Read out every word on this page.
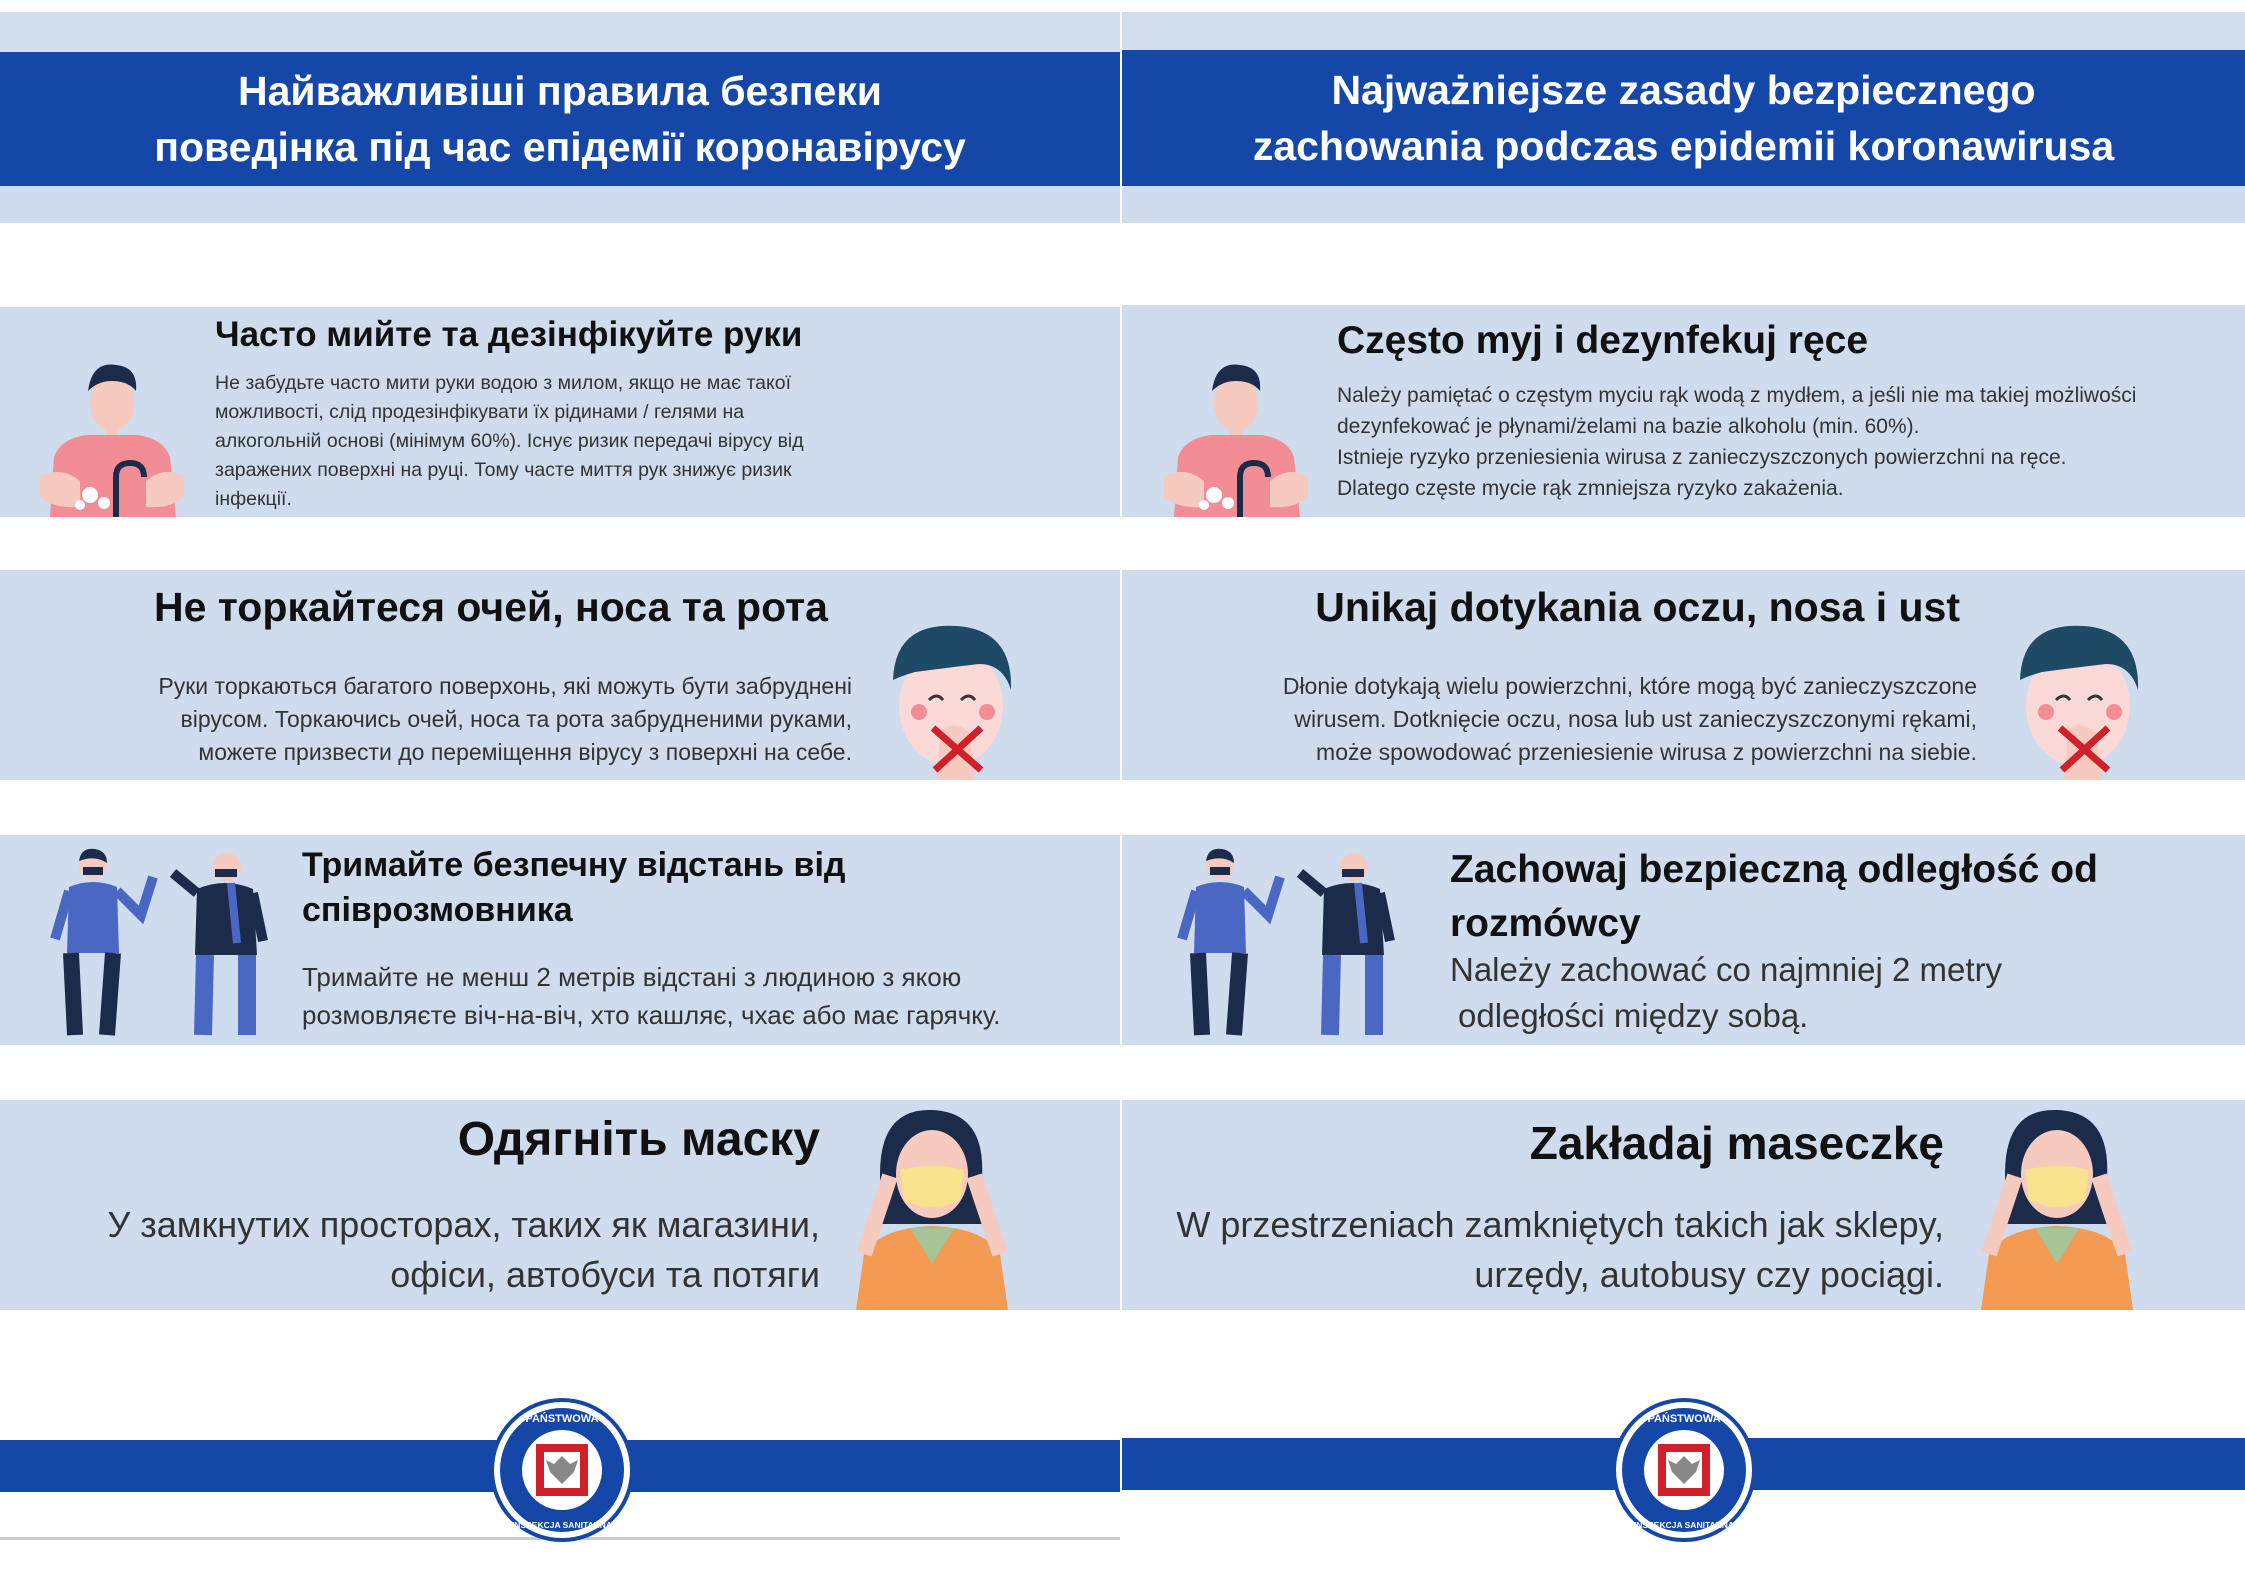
Найважливіші правила безпеки
поведінка під час епідемії коронавірусу
Часто мийте та дезінфікуйте руки
Не забудьте часто мити руки водою з милом, якщо не має такої
можливості, слід продезінфікувати їх рідинами / гелями на
алкогольній основі (мінімум 60%). Існує ризик передачі вірусу від
заражених поверхні на руці. Тому часте миття рук знижує ризик
інфекції.
Не торкайтеся очей, носа та рота
Руки торкаються багатого поверхонь, які можуть бути забруднені
вірусом. Торкаючись очей, носа та рота забрудненими руками,
можете призвести до переміщення вірусу з поверхні на себе.
Тримайте безпечну відстань від
співрозмовника
Тримайте не менш 2 метрів відстані з людиною з якою
розмовляєте віч-на-віч, хто кашляє, чхає або має гарячку.
Одягніть маску
У замкнутих просторах, таких як магазини,
офіси, автобуси та потяги
PAŃSTWOWA
INSPEKCJA SANITARNA
Najważniejsze zasady bezpiecznego
zachowania podczas epidemii koronawirusa
Często myj i dezynfekuj ręce
Należy pamiętać o częstym myciu rąk wodą z mydłem, a jeśli nie ma takiej możliwości
dezynfekować je płynami/żelami na bazie alkoholu (min. 60%).
Istnieje ryzyko przeniesienia wirusa z zanieczyszczonych powierzchni na ręce.
Dlatego częste mycie rąk zmniejsza ryzyko zakażenia.
Unikaj dotykania oczu, nosa i ust
Dłonie dotykają wielu powierzchni, które mogą być zanieczyszczone
wirusem. Dotknięcie oczu, nosa lub ust zanieczyszczonymi rękami,
może spowodować przeniesienie wirusa z powierzchni na siebie.
Zachowaj bezpieczną odległość od
rozmówcy
Należy zachować co najmniej 2 metry
odległości między sobą.
Zakładaj maseczkę
W przestrzeniach zamkniętych takich jak sklepy,
urzędy, autobusy czy pociągi.
PAŃSTWOWA
INSPEKCJA SANITARNA
